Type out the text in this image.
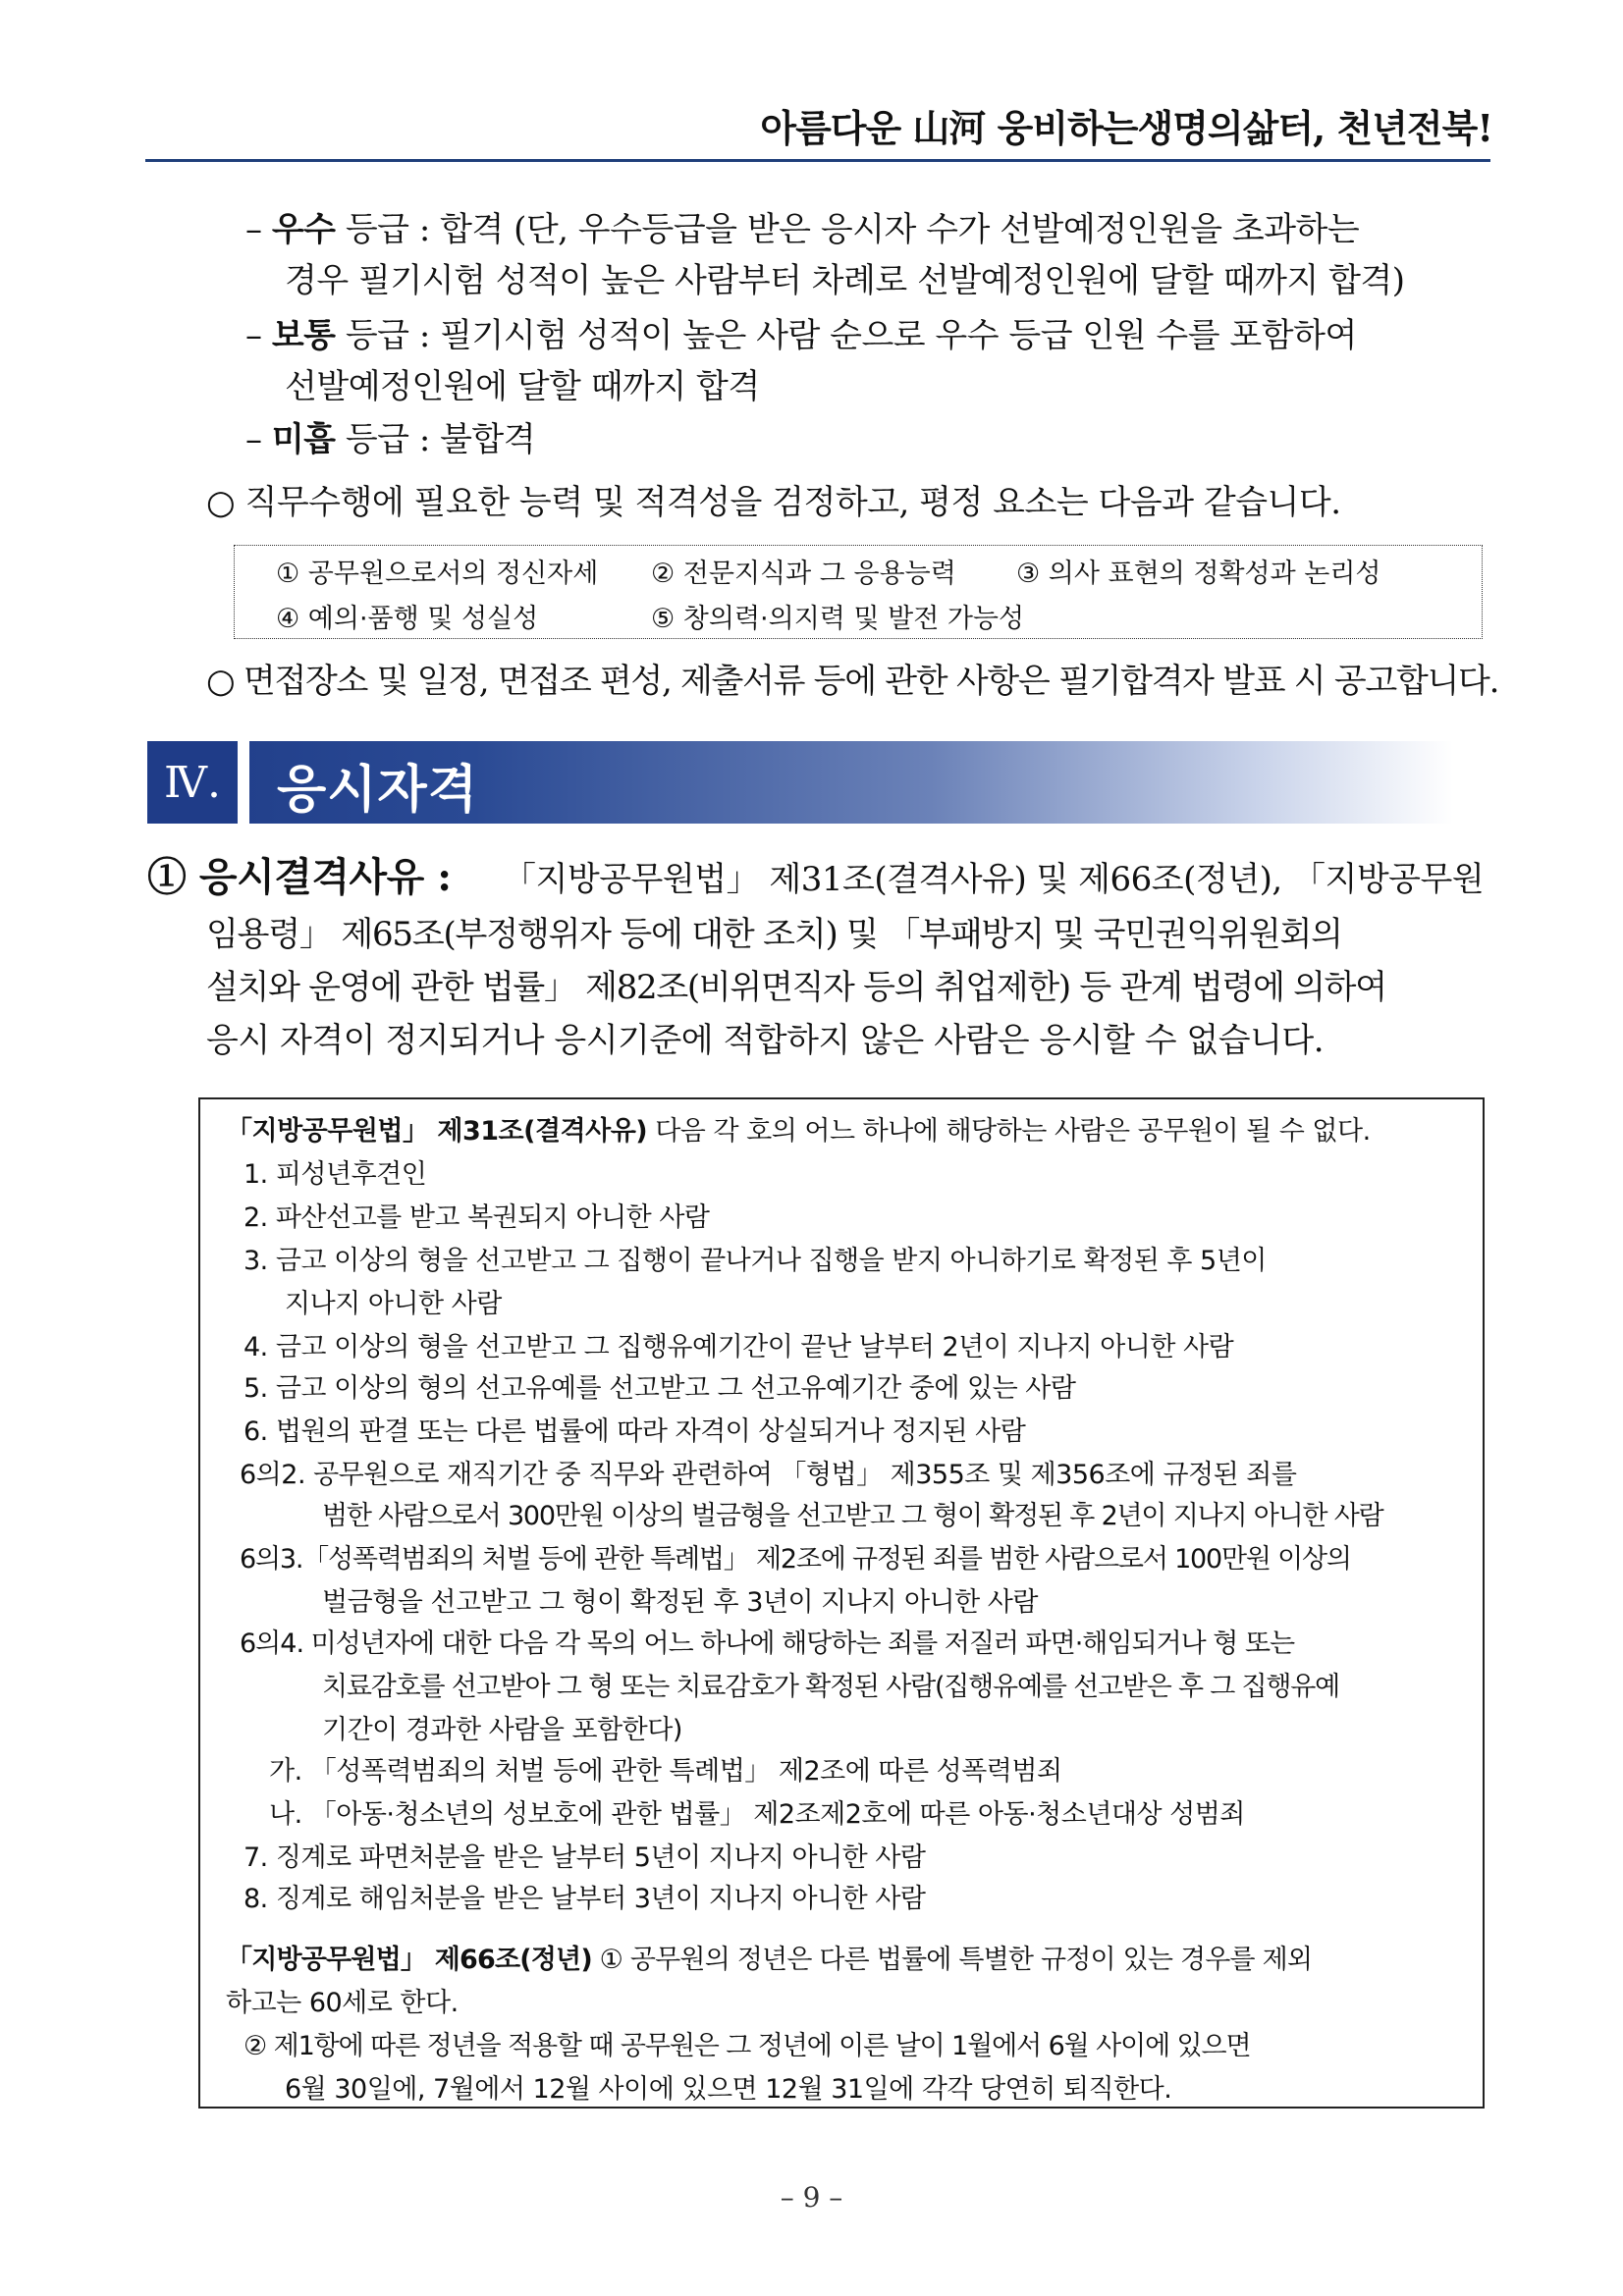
아름다운 山河 웅비하는생명의삶터, 천년전북!
– 우수 등급 : 합격 (단, 우수등급을 받은 응시자 수가 선발예정인원을 초과하는
경우 필기시험 성적이 높은 사람부터 차례로 선발예정인원에 달할 때까지 합격)
– 보통 등급 : 필기시험 성적이 높은 사람 순으로 우수 등급 인원 수를 포함하여
선발예정인원에 달할 때까지 합격
– 미흡 등급 : 불합격
○ 직무수행에 필요한 능력 및 적격성을 검정하고, 평정 요소는 다음과 같습니다.
① 공무원으로서의 정신자세 ② 전문지식과 그 응용능력 ③ 의사 표현의 정확성과 논리성
④ 예의·품행 및 성실성	⑤ 창의력·의지력 및 발전 가능성
○ 면접장소 및 일정, 면접조 편성, 제출서류 등에 관한 사항은 필기합격자 발표 시 공고합니다.
Ⅳ.	응시자격
① 응시결격사유 : 「지방공무원법」 제31조(결격사유) 및 제66조(정년), 「지방공무원
임용령」 제65조(부정행위자 등에 대한 조치) 및 「부패방지 및 국민권익위원회의
설치와 운영에 관한 법률」 제82조(비위면직자 등의 취업제한) 등 관계 법령에 의하여
응시 자격이 정지되거나 응시기준에 적합하지 않은 사람은 응시할 수 없습니다.
「지방공무원법」 제31조(결격사유) 다음 각 호의 어느 하나에 해당하는 사람은 공무원이 될 수 없다.
1. 피성년후견인
2. 파산선고를 받고 복권되지 아니한 사람
3. 금고 이상의 형을 선고받고 그 집행이 끝나거나 집행을 받지 아니하기로 확정된 후 5년이
지나지 아니한 사람
4. 금고 이상의 형을 선고받고 그 집행유예기간이 끝난 날부터 2년이 지나지 아니한 사람
5. 금고 이상의 형의 선고유예를 선고받고 그 선고유예기간 중에 있는 사람
6. 법원의 판결 또는 다른 법률에 따라 자격이 상실되거나 정지된 사람
6의2. 공무원으로 재직기간 중 직무와 관련하여 「형법」 제355조 및 제356조에 규정된 죄를
범한 사람으로서 300만원 이상의 벌금형을 선고받고 그 형이 확정된 후 2년이 지나지 아니한 사람
6의3.「성폭력범죄의 처벌 등에 관한 특례법」 제2조에 규정된 죄를 범한 사람으로서 100만원 이상의
벌금형을 선고받고 그 형이 확정된 후 3년이 지나지 아니한 사람
6의4. 미성년자에 대한 다음 각 목의 어느 하나에 해당하는 죄를 저질러 파면·해임되거나 형 또는
치료감호를 선고받아 그 형 또는 치료감호가 확정된 사람(집행유예를 선고받은 후 그 집행유예
기간이 경과한 사람을 포함한다)
가. 「성폭력범죄의 처벌 등에 관한 특례법」 제2조에 따른 성폭력범죄
나. 「아동·청소년의 성보호에 관한 법률」 제2조제2호에 따른 아동·청소년대상 성범죄
7. 징계로 파면처분을 받은 날부터 5년이 지나지 아니한 사람
8. 징계로 해임처분을 받은 날부터 3년이 지나지 아니한 사람
「지방공무원법」 제66조(정년) ① 공무원의 정년은 다른 법률에 특별한 규정이 있는 경우를 제외
하고는 60세로 한다.
② 제1항에 따른 정년을 적용할 때 공무원은 그 정년에 이른 날이 1월에서 6월 사이에 있으면
6월 30일에, 7월에서 12월 사이에 있으면 12월 31일에 각각 당연히 퇴직한다.
– 9 –
